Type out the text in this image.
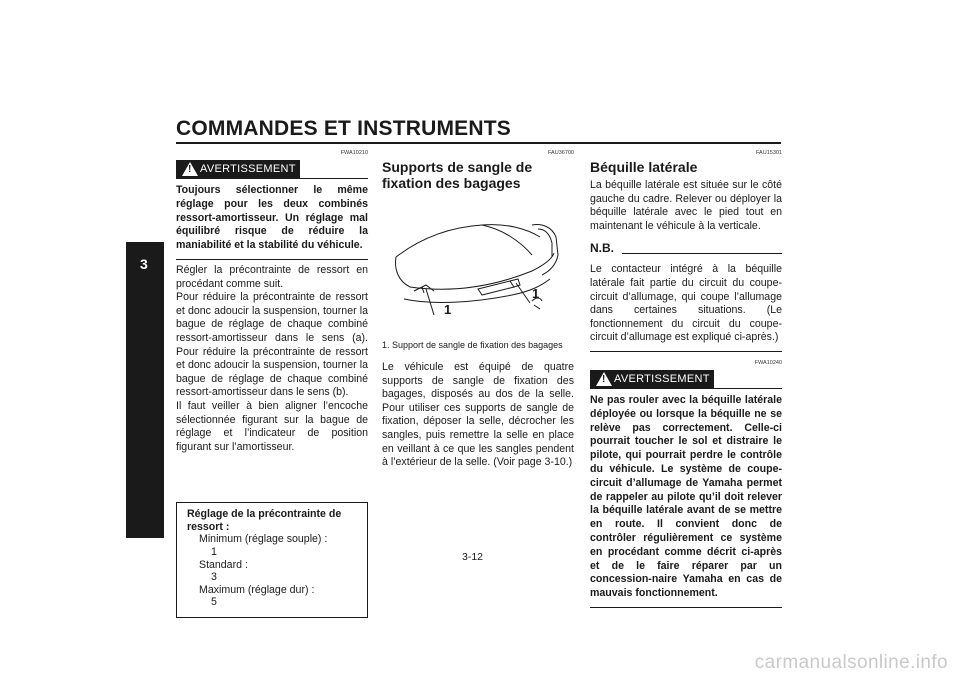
COMMANDES ET INSTRUMENTS
3
FWA10210
! AVERTISSEMENT
Toujours sélectionner le même réglage pour les deux combinés ressort-amortisseur. Un réglage mal équilibré risque de réduire la maniabilité et la stabilité du véhicule.
Régler la précontrainte de ressort en procédant comme suit.
Pour réduire la précontrainte de ressort et donc adoucir la suspension, tourner la bague de réglage de chaque combiné ressort-amortisseur dans le sens (a). Pour réduire la précontrainte de ressort et donc adoucir la suspension, tourner la bague de réglage de chaque combiné ressort-amortisseur dans le sens (b).
Il faut veiller à bien aligner l’encoche sélectionnée figurant sur la bague de réglage et l’indicateur de position figurant sur l’amortisseur.
Réglage de la précontrainte de ressort :
Minimum (réglage souple) :
1
Standard :
3
Maximum (réglage dur) :
5
FAU36700
Supports de sangle de fixation des bagages
1
1
1. Support de sangle de fixation des bagages
Le véhicule est équipé de quatre supports de sangle de fixation des bagages, disposés au dos de la selle. Pour utiliser ces supports de sangle de fixation, déposer la selle, décrocher les sangles, puis remettre la selle en place en veillant à ce que les sangles pendent à l’extérieur de la selle. (Voir page 3-10.)
FAU15301
Béquille latérale
La béquille latérale est située sur le côté gauche du cadre. Relever ou déployer la béquille latérale avec le pied tout en maintenant le véhicule à la verticale.
N.B.
Le contacteur intégré à la béquille latérale fait partie du circuit du coupe-circuit d’allumage, qui coupe l’allumage dans certaines situations. (Le fonctionnement du circuit du coupe-circuit d’allumage est expliqué ci-après.)
FWA10240
! AVERTISSEMENT
Ne pas rouler avec la béquille latérale déployée ou lorsque la béquille ne se relève pas correctement. Celle-ci pourrait toucher le sol et distraire le pilote, qui pourrait perdre le contrôle du véhicule. Le système de coupe-circuit d’allumage de Yamaha permet de rappeler au pilote qu’il doit relever la béquille latérale avant de se mettre en route. Il convient donc de contrôler régulièrement ce système en procédant comme décrit ci-après et de le faire réparer par un concession-naire Yamaha en cas de mauvais fonctionnement.
3-12
carmanualsonline.info
